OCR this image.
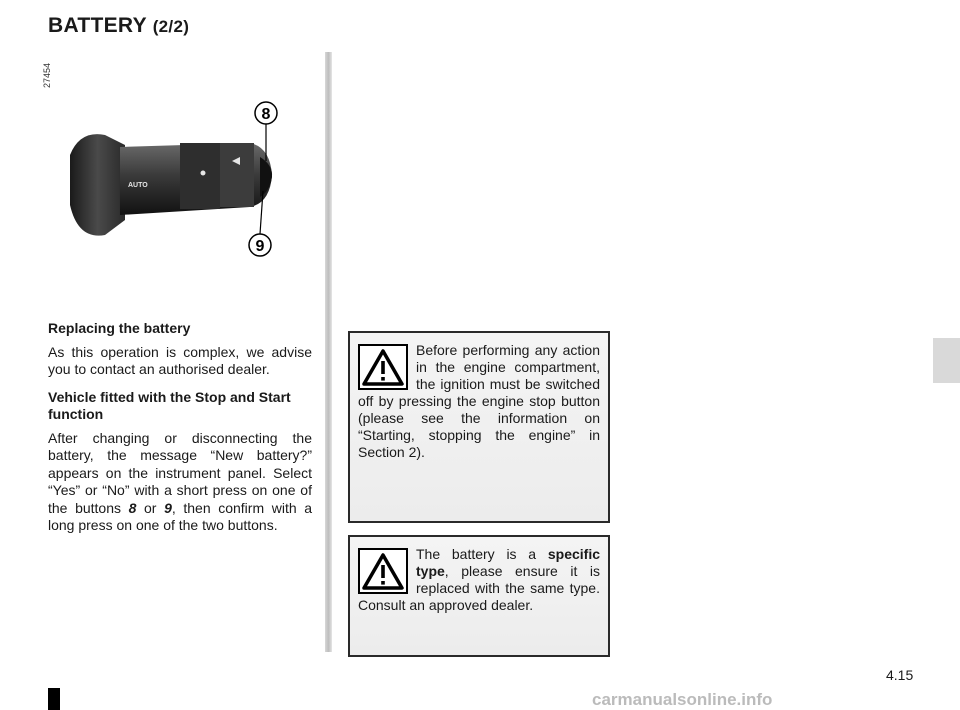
BATTERY (2/2)
27454
AUTO
8
9

Replacing the battery

As this operation is complex, we advise you to contact an authorised dealer.

Vehicle fitted with the Stop and Start function

After changing or disconnecting the battery, the message “New battery?” appears on the instrument panel. Select “Yes” or “No” with a short press on one of the buttons 8 or 9, then confirm with a long press on one of the two buttons.

Before performing any action in the engine compartment, the ignition must be switched off by pressing the engine stop button (please see the information on “Starting, stopping the engine” in Section 2).
The battery is a specific type, please ensure it is replaced with the same type. Consult an approved dealer.
4.15
carmanualsonline.info
